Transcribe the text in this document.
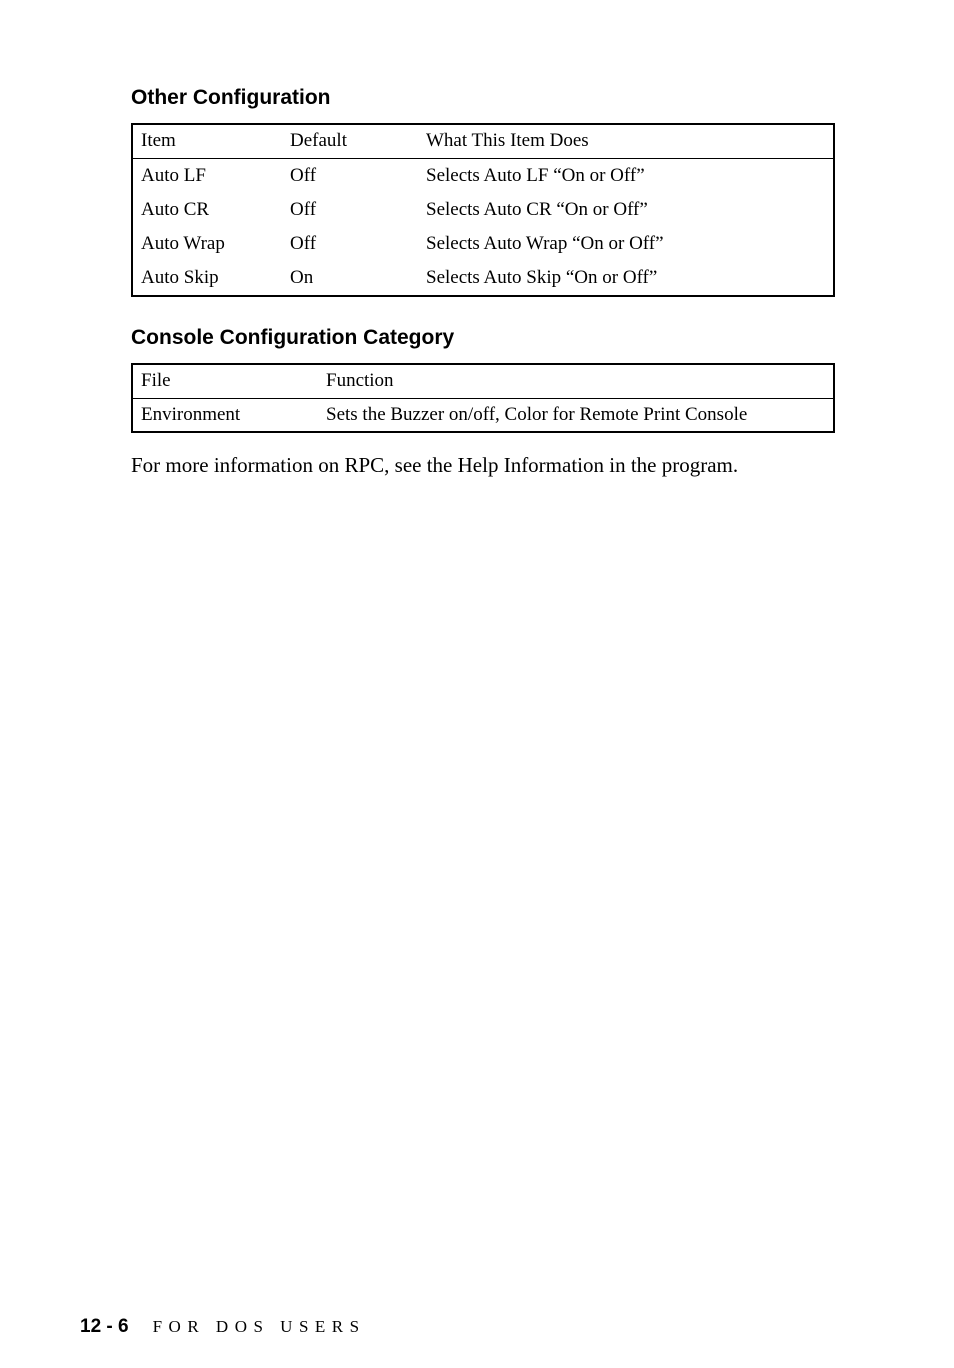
Other Configuration
Item	Default	What This Item Does
Auto LF	Off	Selects Auto LF “On or Off”
Auto CR	Off	Selects Auto CR “On or Off”
Auto Wrap	Off	Selects Auto Wrap “On or Off”
Auto Skip	On	Selects Auto Skip “On or Off”
Console Configuration Category
File	Function
Environment	Sets the Buzzer on/off, Color for Remote Print Console

For more information on RPC, see the Help Information in the program.

12 - 6 FOR DOS USERS
